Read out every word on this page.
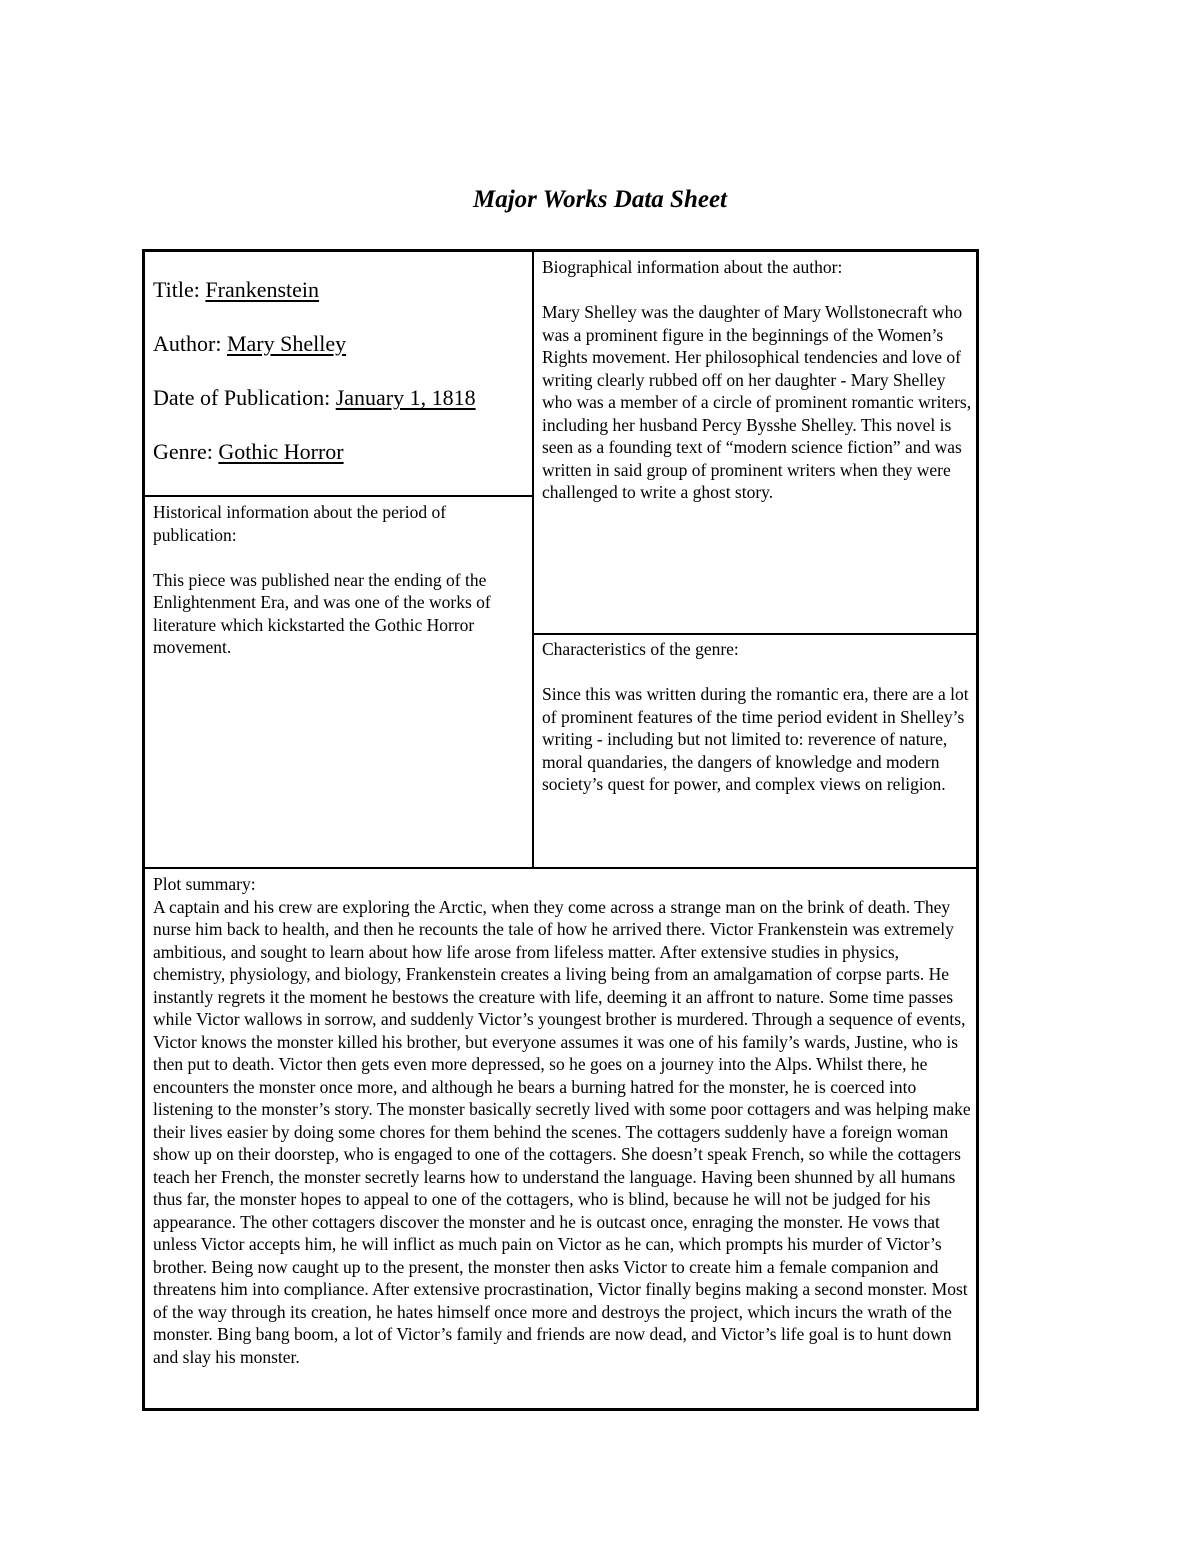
Major Works Data Sheet
Title: Frankenstein
Author: Mary Shelley
Date of Publication: January 1, 1818
Genre: Gothic Horror
Historical information about the period of publication:

This piece was published near the ending of the Enlightenment Era, and was one of the works of literature which kickstarted the Gothic Horror movement.

Biographical information about the author:

Mary Shelley was the daughter of Mary Wollstonecraft who was a prominent figure in the beginnings of the Women’s Rights movement. Her philosophical tendencies and love of writing clearly rubbed off on her daughter - Mary Shelley who was a member of a circle of prominent romantic writers, including her husband Percy Bysshe Shelley. This novel is seen as a founding text of “modern science fiction” and was written in said group of prominent writers when they were challenged to write a ghost story.

Characteristics of the genre:

Since this was written during the romantic era, there are a lot of prominent features of the time period evident in Shelley’s writing - including but not limited to: reverence of nature, moral quandaries, the dangers of knowledge and modern society’s quest for power, and complex views on religion.

Plot summary:

A captain and his crew are exploring the Arctic, when they come across a strange man on the brink of death. They nurse him back to health, and then he recounts the tale of how he arrived there. Victor Frankenstein was extremely ambitious, and sought to learn about how life arose from lifeless matter. After extensive studies in physics, chemistry, physiology, and biology, Frankenstein creates a living being from an amalgamation of corpse parts. He instantly regrets it the moment he bestows the creature with life, deeming it an affront to nature. Some time passes while Victor wallows in sorrow, and suddenly Victor’s youngest brother is murdered. Through a sequence of events, Victor knows the monster killed his brother, but everyone assumes it was one of his family’s wards, Justine, who is then put to death. Victor then gets even more depressed, so he goes on a journey into the Alps. Whilst there, he encounters the monster once more, and although he bears a burning hatred for the monster, he is coerced into listening to the monster’s story. The monster basically secretly lived with some poor cottagers and was helping make their lives easier by doing some chores for them behind the scenes. The cottagers suddenly have a foreign woman show up on their doorstep, who is engaged to one of the cottagers. She doesn’t speak French, so while the cottagers teach her French, the monster secretly learns how to understand the language. Having been shunned by all humans thus far, the monster hopes to appeal to one of the cottagers, who is blind, because he will not be judged for his appearance. The other cottagers discover the monster and he is outcast once, enraging the monster. He vows that unless Victor accepts him, he will inflict as much pain on Victor as he can, which prompts his murder of Victor’s brother. Being now caught up to the present, the monster then asks Victor to create him a female companion and threatens him into compliance. After extensive procrastination, Victor finally begins making a second monster. Most of the way through its creation, he hates himself once more and destroys the project, which incurs the wrath of the monster. Bing bang boom, a lot of Victor’s family and friends are now dead, and Victor’s life goal is to hunt down and slay his monster.
